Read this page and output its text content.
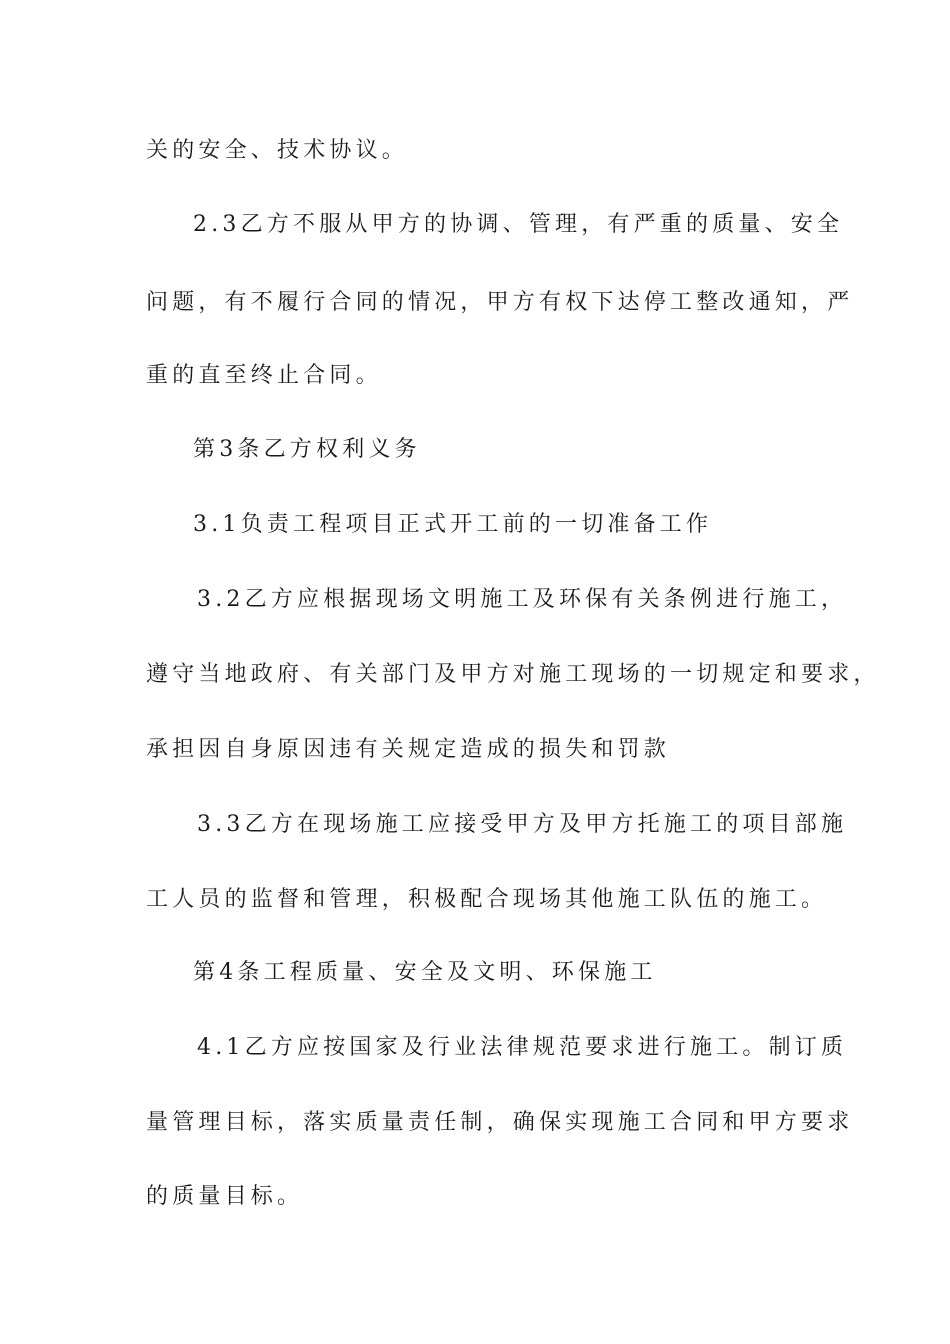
关的安全、技术协议。
2.3乙方不服从甲方的协调、管理，有严重的质量、安全
问题，有不履行合同的情况，甲方有权下达停工整改通知，严
重的直至终止合同。
第3条乙方权利义务
3.1负责工程项目正式开工前的一切准备工作
3.2乙方应根据现场文明施工及环保有关条例进行施工，
遵守当地政府、有关部门及甲方对施工现场的一切规定和要求，
承担因自身原因违有关规定造成的损失和罚款
3.3乙方在现场施工应接受甲方及甲方托施工的项目部施
工人员的监督和管理，积极配合现场其他施工队伍的施工。
第4条工程质量、安全及文明、环保施工
4.1乙方应按国家及行业法律规范要求进行施工。制订质
量管理目标，落实质量责任制，确保实现施工合同和甲方要求
的质量目标。
